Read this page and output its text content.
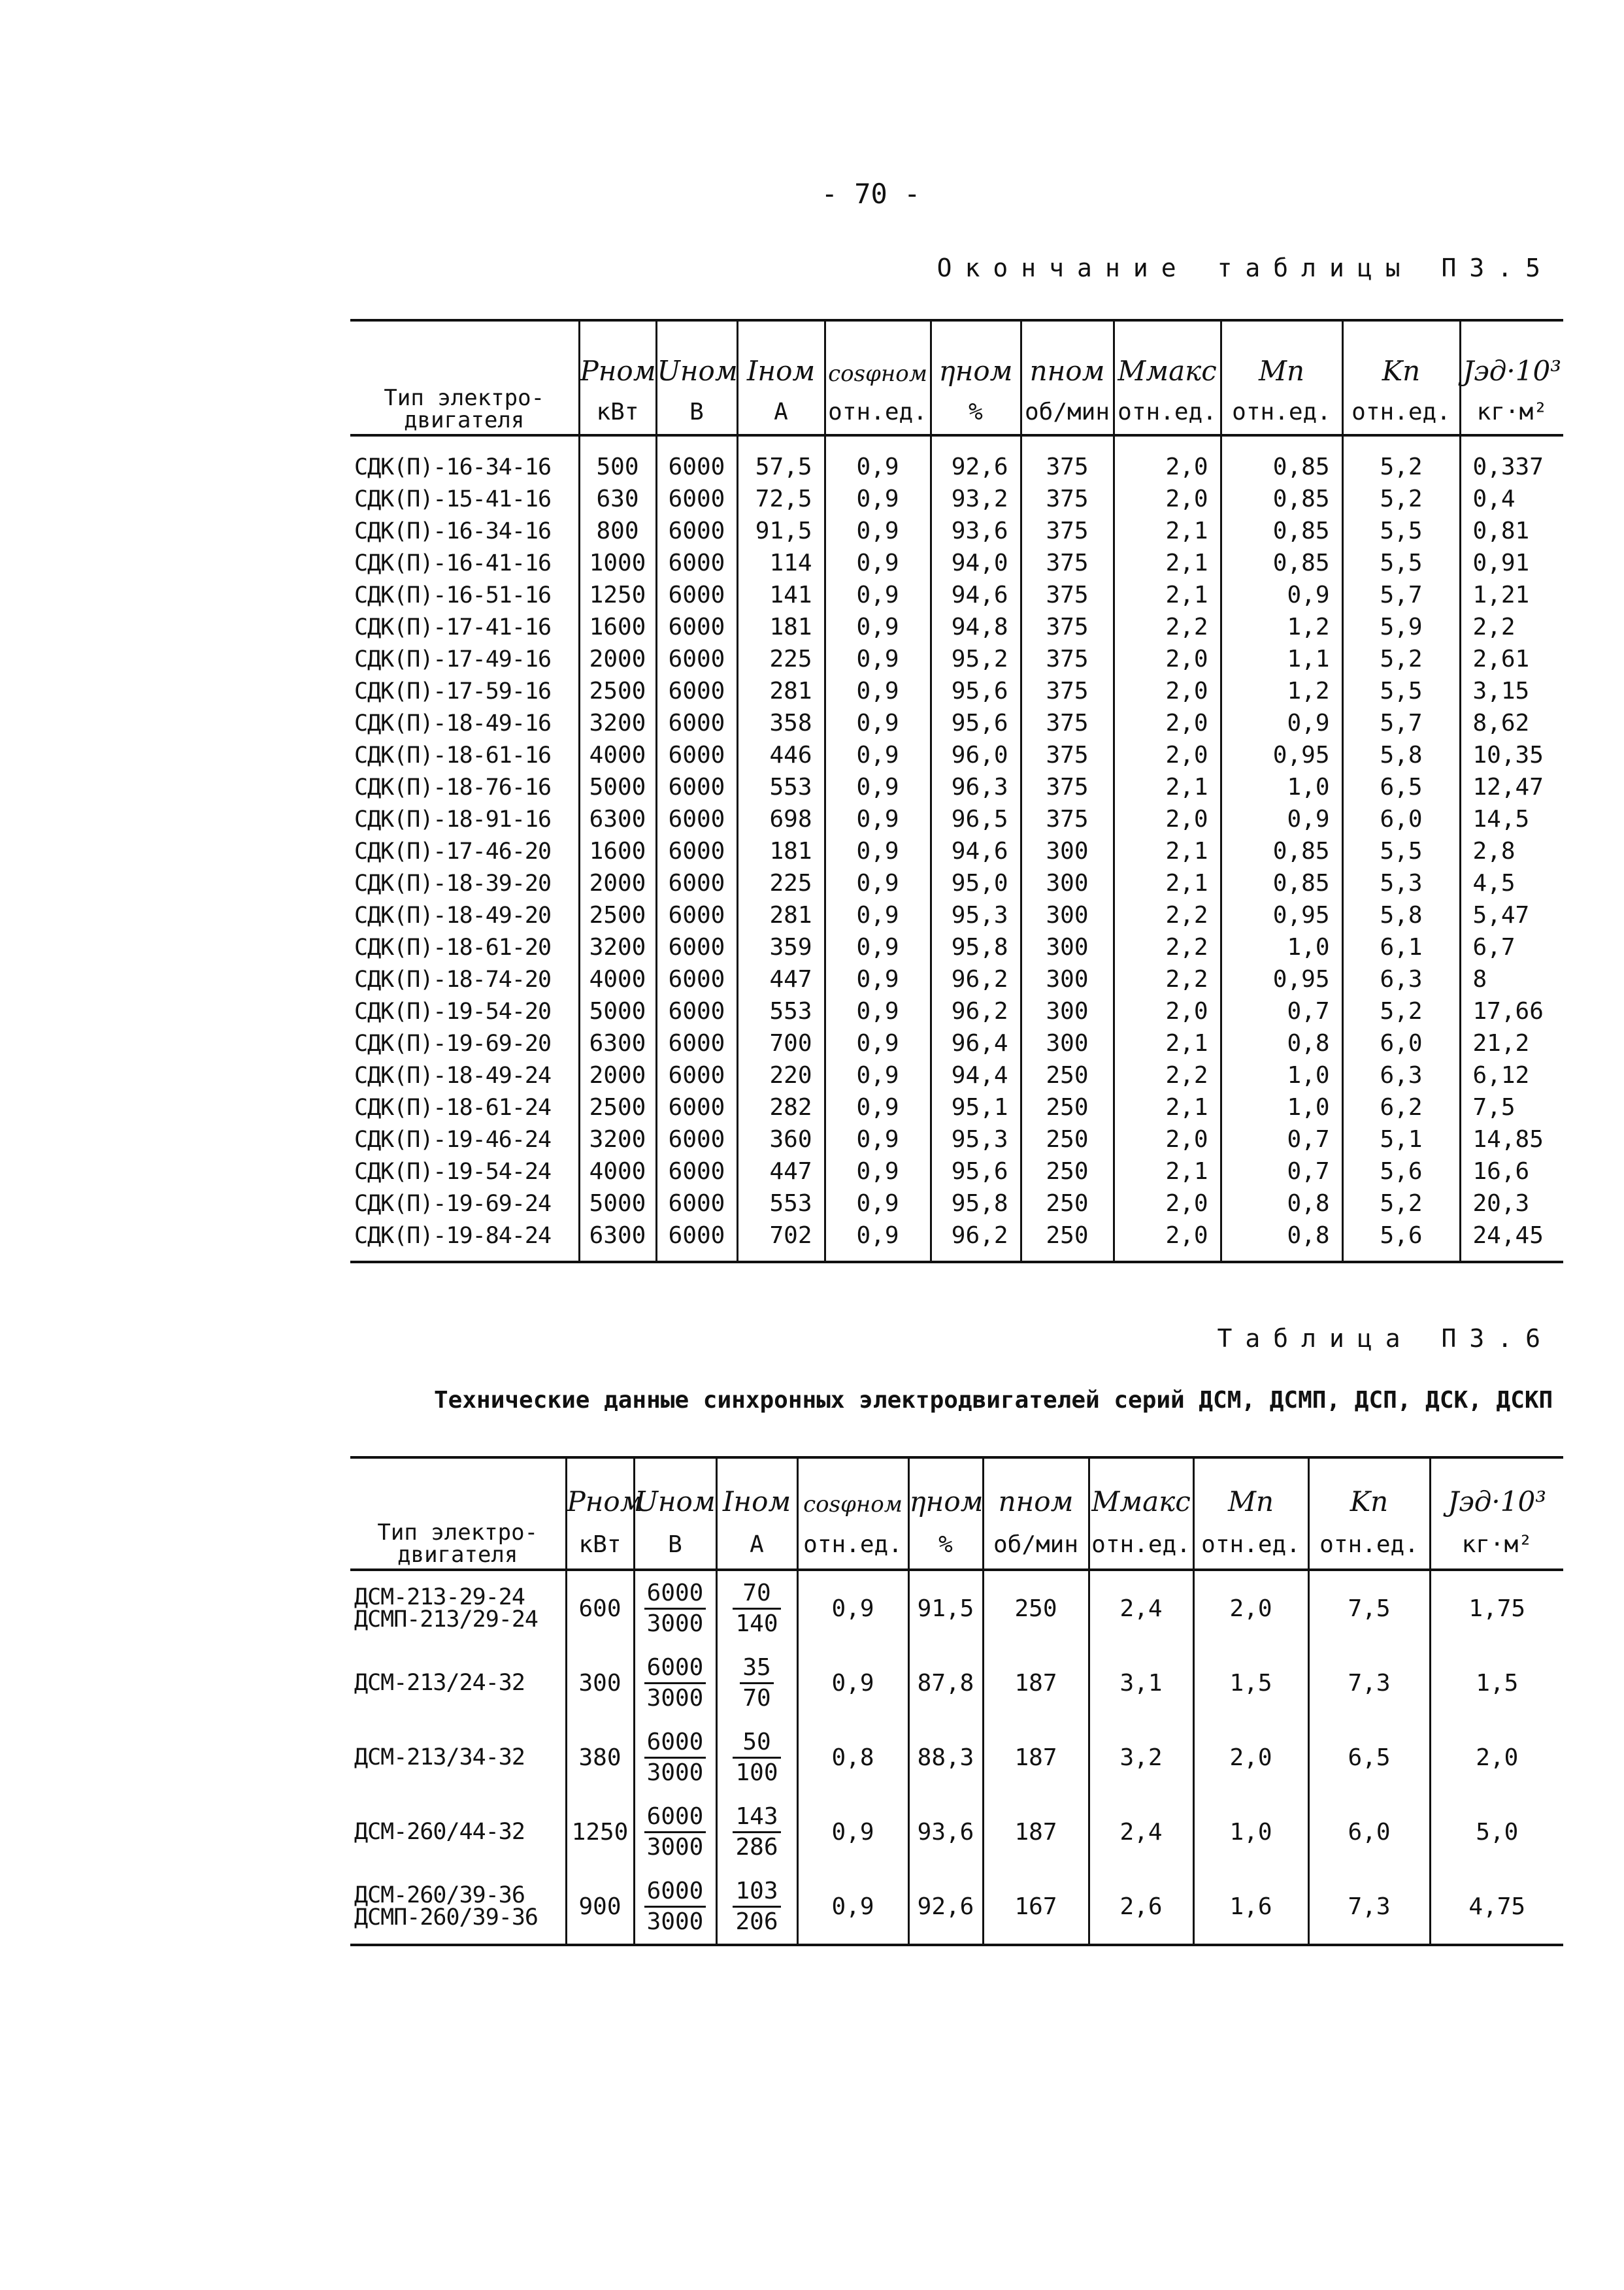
- 70 -
Окончание таблицы П3.5
Тип электро-двигателя	Pном	Uном	Iном	cosφном	ηном	nном	Mмакс	Mп	Kп	Jэд·10³
	кВт	В	А	отн.ед.	%	об/мин	отн.ед.	отн.ед.	отн.ед.	кг·м²
СДК(П)-16-34-16	500	6000	57,5	0,9	92,6	375	2,0	0,85	5,2	0,337
СДК(П)-15-41-16	630	6000	72,5	0,9	93,2	375	2,0	0,85	5,2	0,4
СДК(П)-16-34-16	800	6000	91,5	0,9	93,6	375	2,1	0,85	5,5	0,81
СДК(П)-16-41-16	1000	6000	114	0,9	94,0	375	2,1	0,85	5,5	0,91
СДК(П)-16-51-16	1250	6000	141	0,9	94,6	375	2,1	0,9	5,7	1,21
СДК(П)-17-41-16	1600	6000	181	0,9	94,8	375	2,2	1,2	5,9	2,2
СДК(П)-17-49-16	2000	6000	225	0,9	95,2	375	2,0	1,1	5,2	2,61
СДК(П)-17-59-16	2500	6000	281	0,9	95,6	375	2,0	1,2	5,5	3,15
СДК(П)-18-49-16	3200	6000	358	0,9	95,6	375	2,0	0,9	5,7	8,62
СДК(П)-18-61-16	4000	6000	446	0,9	96,0	375	2,0	0,95	5,8	10,35
СДК(П)-18-76-16	5000	6000	553	0,9	96,3	375	2,1	1,0	6,5	12,47
СДК(П)-18-91-16	6300	6000	698	0,9	96,5	375	2,0	0,9	6,0	14,5
СДК(П)-17-46-20	1600	6000	181	0,9	94,6	300	2,1	0,85	5,5	2,8
СДК(П)-18-39-20	2000	6000	225	0,9	95,0	300	2,1	0,85	5,3	4,5
СДК(П)-18-49-20	2500	6000	281	0,9	95,3	300	2,2	0,95	5,8	5,47
СДК(П)-18-61-20	3200	6000	359	0,9	95,8	300	2,2	1,0	6,1	6,7
СДК(П)-18-74-20	4000	6000	447	0,9	96,2	300	2,2	0,95	6,3	8
СДК(П)-19-54-20	5000	6000	553	0,9	96,2	300	2,0	0,7	5,2	17,66
СДК(П)-19-69-20	6300	6000	700	0,9	96,4	300	2,1	0,8	6,0	21,2
СДК(П)-18-49-24	2000	6000	220	0,9	94,4	250	2,2	1,0	6,3	6,12
СДК(П)-18-61-24	2500	6000	282	0,9	95,1	250	2,1	1,0	6,2	7,5
СДК(П)-19-46-24	3200	6000	360	0,9	95,3	250	2,0	0,7	5,1	14,85
СДК(П)-19-54-24	4000	6000	447	0,9	95,6	250	2,1	0,7	5,6	16,6
СДК(П)-19-69-24	5000	6000	553	0,9	95,8	250	2,0	0,8	5,2	20,3
СДК(П)-19-84-24	6300	6000	702	0,9	96,2	250	2,0	0,8	5,6	24,45
Таблица П3.6
Технические данные синхронных электродвигателей серий ДСМ, ДСМП, ДСП, ДСК, ДСКП
Тип электро-двигателя	Pном	Uном	Iном	cosφном	ηном	nном	Mмакс	Mп	Kп	Jэд·10³
	кВт	В	А	отн.ед.	%	об/мин	отн.ед.	отн.ед.	отн.ед.	кг·м²

ДСМ-213-29-24
ДСМП-213/29-24	600	$\frac{6000}{3000}$	$\frac{70}{140}$	0,9	91,5	250	2,4	2,0	7,5	1,75

ДСМ-213/24-32	300	$\frac{6000}{3000}$	$\frac{35}{70}$	0,9	87,8	187	3,1	1,5	7,3	1,5

ДСМ-213/34-32	380	$\frac{6000}{3000}$	$\frac{50}{100}$	0,8	88,3	187	3,2	2,0	6,5	2,0

ДСМ-260/44-32	1250	$\frac{6000}{3000}$	$\frac{143}{286}$	0,9	93,6	187	2,4	1,0	6,0	5,0

ДСМ-260/39-36
ДСМП-260/39-36	900	$\frac{6000}{3000}$	$\frac{103}{206}$	0,9	92,6	167	2,6	1,6	7,3	4,75
